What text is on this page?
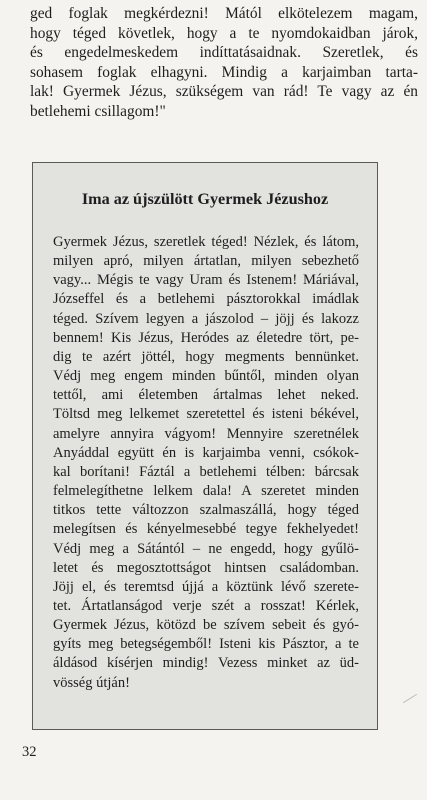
ged foglak megkérdezni! Mától elkötelezem magam,
hogy téged követlek, hogy a te nyomdokaidban járok,
és engedelmeskedem indíttatásaidnak. Szeretlek, és
sohasem foglak elhagyni. Mindig a karjaimban tarta-
lak! Gyermek Jézus, szükségem van rád! Te vagy az én
betlehemi csillagom!"
Ima az újszülött Gyermek Jézushoz
Gyermek Jézus, szeretlek téged! Nézlek, és látom,
milyen apró, milyen ártatlan, milyen sebezhető
vagy... Mégis te vagy Uram és Istenem! Máriával,
Józseffel és a betlehemi pásztorokkal imádlak
téged. Szívem legyen a jászolod – jöjj és lakozz
bennem! Kis Jézus, Heródes az életedre tört, pe-
dig te azért jöttél, hogy megments bennünket.
Védj meg engem minden bűntől, minden olyan
tettől, ami életemben ártalmas lehet neked.
Töltsd meg lelkemet szeretettel és isteni békével,
amelyre annyira vágyom! Mennyire szeretnélek
Anyáddal együtt én is karjaimba venni, csókok-
kal borítani! Fáztál a betlehemi télben: bárcsak
felmelegíthetne lelkem dala! A szeretet minden
titkos tette változzon szalmaszállá, hogy téged
melegítsen és kényelmesebbé tegye fekhelyedet!
Védj meg a Sátántól – ne engedd, hogy gyűlö-
letet és megosztottságot hintsen családomban.
Jöjj el, és teremtsd újjá a köztünk lévő szerete-
tet. Ártatlanságod verje szét a rosszat! Kérlek,
Gyermek Jézus, kötözd be szívem sebeit és gyó-
gyíts meg betegségemből! Isteni kis Pásztor, a te
áldásod kísérjen mindig! Vezess minket az üd-
vösség útján!
32
